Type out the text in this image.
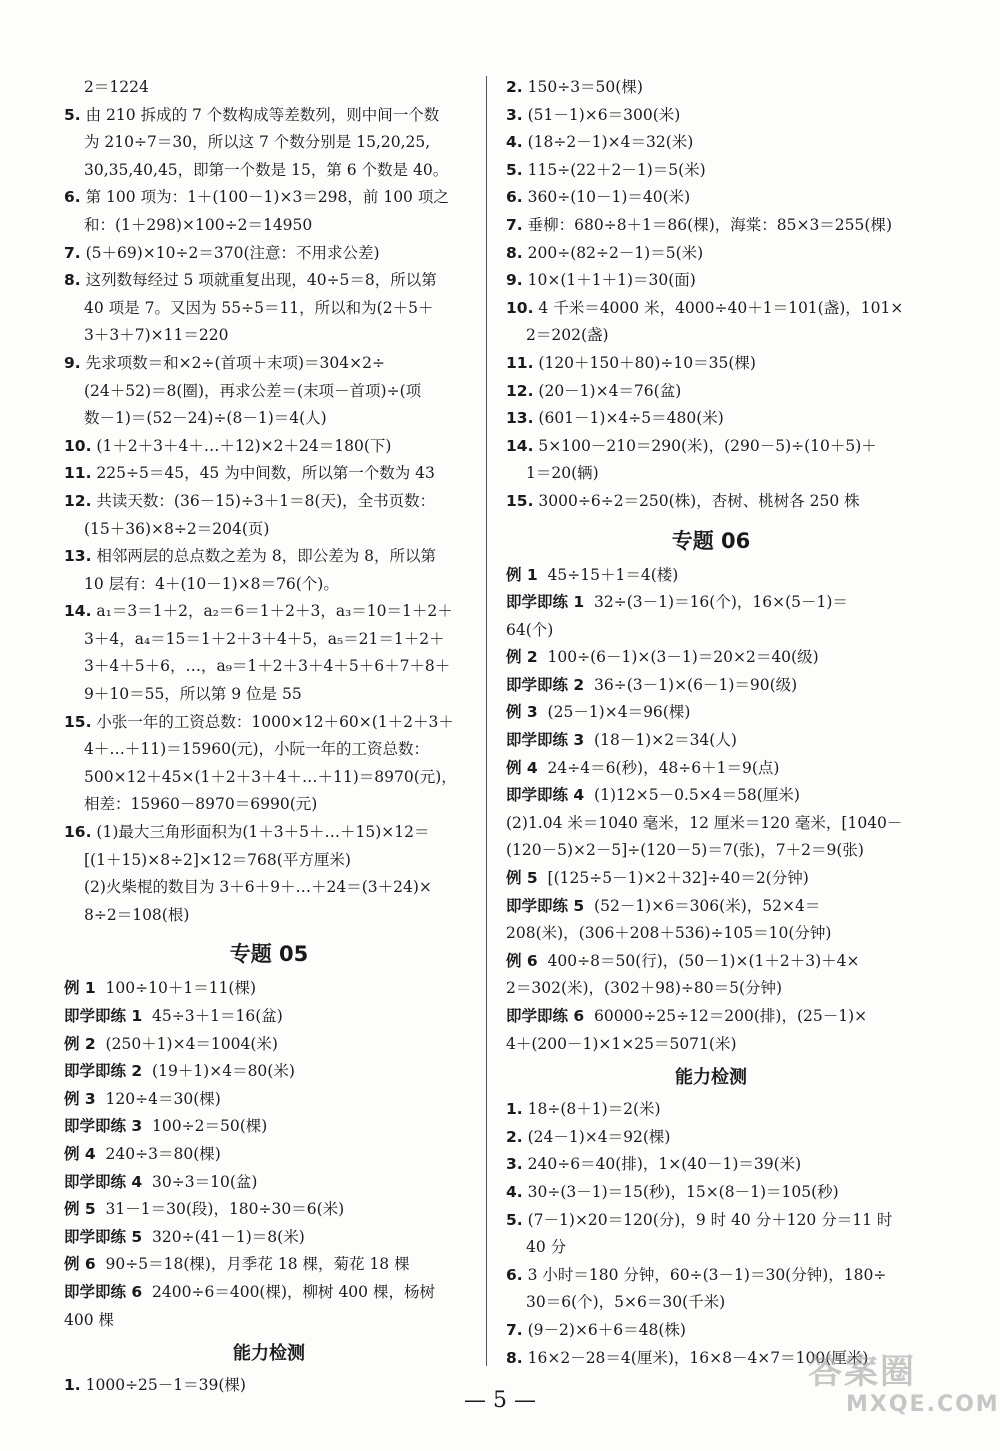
2＝1224
5. 由 210 拆成的 7 个数构成等差数列，则中间一个数
为 210÷7＝30，所以这 7 个数分别是 15,20,25,
30,35,40,45，即第一个数是 15，第 6 个数是 40。
6. 第 100 项为：1＋(100－1)×3＝298，前 100 项之
和：(1＋298)×100÷2＝14950
7. (5＋69)×10÷2＝370(注意：不用求公差)
8. 这列数每经过 5 项就重复出现，40÷5＝8，所以第
40 项是 7。又因为 55÷5＝11，所以和为(2＋5＋
3＋3＋7)×11＝220
9. 先求项数＝和×2÷(首项＋末项)＝304×2÷
(24＋52)＝8(圈)，再求公差＝(末项－首项)÷(项
数－1)＝(52－24)÷(8－1)＝4(人)
10. (1＋2＋3＋4＋…＋12)×2＋24＝180(下)
11. 225÷5＝45，45 为中间数，所以第一个数为 43
12. 共读天数：(36－15)÷3＋1＝8(天)，全书页数：
(15＋36)×8÷2＝204(页)
13. 相邻两层的总点数之差为 8，即公差为 8，所以第
10 层有：4＋(10－1)×8＝76(个)。
14. a₁＝3＝1＋2，a₂＝6＝1＋2＋3，a₃＝10＝1＋2＋
3＋4，a₄＝15＝1＋2＋3＋4＋5，a₅＝21＝1＋2＋
3＋4＋5＋6，…，a₉＝1＋2＋3＋4＋5＋6＋7＋8＋
9＋10＝55，所以第 9 位是 55
15. 小张一年的工资总数：1000×12＋60×(1＋2＋3＋
4＋…＋11)＝15960(元)，小阮一年的工资总数：
500×12＋45×(1＋2＋3＋4＋…＋11)＝8970(元)，
相差：15960－8970＝6990(元)
16. (1)最大三角形面积为(1＋3＋5＋…＋15)×12＝
[(1＋15)×8÷2]×12＝768(平方厘米)
(2)火柴棍的数目为 3＋6＋9＋…＋24＝(3＋24)×
8÷2＝108(根)
专题 05
例 1 100÷10＋1＝11(棵)
即学即练 1 45÷3＋1＝16(盆)
例 2 (250＋1)×4＝1004(米)
即学即练 2 (19＋1)×4＝80(米)
例 3 120÷4＝30(棵)
即学即练 3 100÷2＝50(棵)
例 4 240÷3＝80(棵)
即学即练 4 30÷3＝10(盆)
例 5 31－1＝30(段)，180÷30＝6(米)
即学即练 5 320÷(41－1)＝8(米)
例 6 90÷5＝18(棵)，月季花 18 棵，菊花 18 棵
即学即练 6 2400÷6＝400(棵)，柳树 400 棵，杨树
400 棵
能力检测
1. 1000÷25－1＝39(棵)
2. 150÷3＝50(棵)
3. (51－1)×6＝300(米)
4. (18÷2－1)×4＝32(米)
5. 115÷(22＋2－1)＝5(米)
6. 360÷(10－1)＝40(米)
7. 垂柳：680÷8＋1＝86(棵)，海棠：85×3＝255(棵)
8. 200÷(82÷2－1)＝5(米)
9. 10×(1＋1＋1)＝30(面)
10. 4 千米＝4000 米，4000÷40＋1＝101(盏)，101×
2＝202(盏)
11. (120＋150＋80)÷10＝35(棵)
12. (20－1)×4＝76(盆)
13. (601－1)×4÷5＝480(米)
14. 5×100－210＝290(米)，(290－5)÷(10＋5)＋
1＝20(辆)
15. 3000÷6÷2＝250(株)，杏树、桃树各 250 株
专题 06
例 1 45÷15＋1＝4(楼)
即学即练 1 32÷(3－1)＝16(个)，16×(5－1)＝
64(个)
例 2 100÷(6－1)×(3－1)＝20×2＝40(级)
即学即练 2 36÷(3－1)×(6－1)＝90(级)
例 3 (25－1)×4＝96(棵)
即学即练 3 (18－1)×2＝34(人)
例 4 24÷4＝6(秒)，48÷6＋1＝9(点)
即学即练 4 (1)12×5－0.5×4＝58(厘米)
(2)1.04 米＝1040 毫米，12 厘米＝120 毫米，[1040－
(120－5)×2－5]÷(120－5)＝7(张)，7＋2＝9(张)
例 5 [(125÷5－1)×2＋32]÷40＝2(分钟)
即学即练 5 (52－1)×6＝306(米)，52×4＝
208(米)，(306＋208＋536)÷105＝10(分钟)
例 6 400÷8＝50(行)，(50－1)×(1＋2＋3)＋4×
2＝302(米)，(302＋98)÷80＝5(分钟)
即学即练 6 60000÷25÷12＝200(排)，(25－1)×
4＋(200－1)×1×25＝5071(米)
能力检测
1. 18÷(8＋1)＝2(米)
2. (24－1)×4＝92(棵)
3. 240÷6＝40(排)，1×(40－1)＝39(米)
4. 30÷(3－1)＝15(秒)，15×(8－1)＝105(秒)
5. (7－1)×20＝120(分)，9 时 40 分＋120 分＝11 时
40 分
6. 3 小时＝180 分钟，60÷(3－1)＝30(分钟)，180÷
30＝6(个)，5×6＝30(千米)
7. (9－2)×6＋6＝48(株)
8. 16×2－28＝4(厘米)，16×8－4×7＝100(厘米)
— 5 —
答案圈
MXQE.COM
